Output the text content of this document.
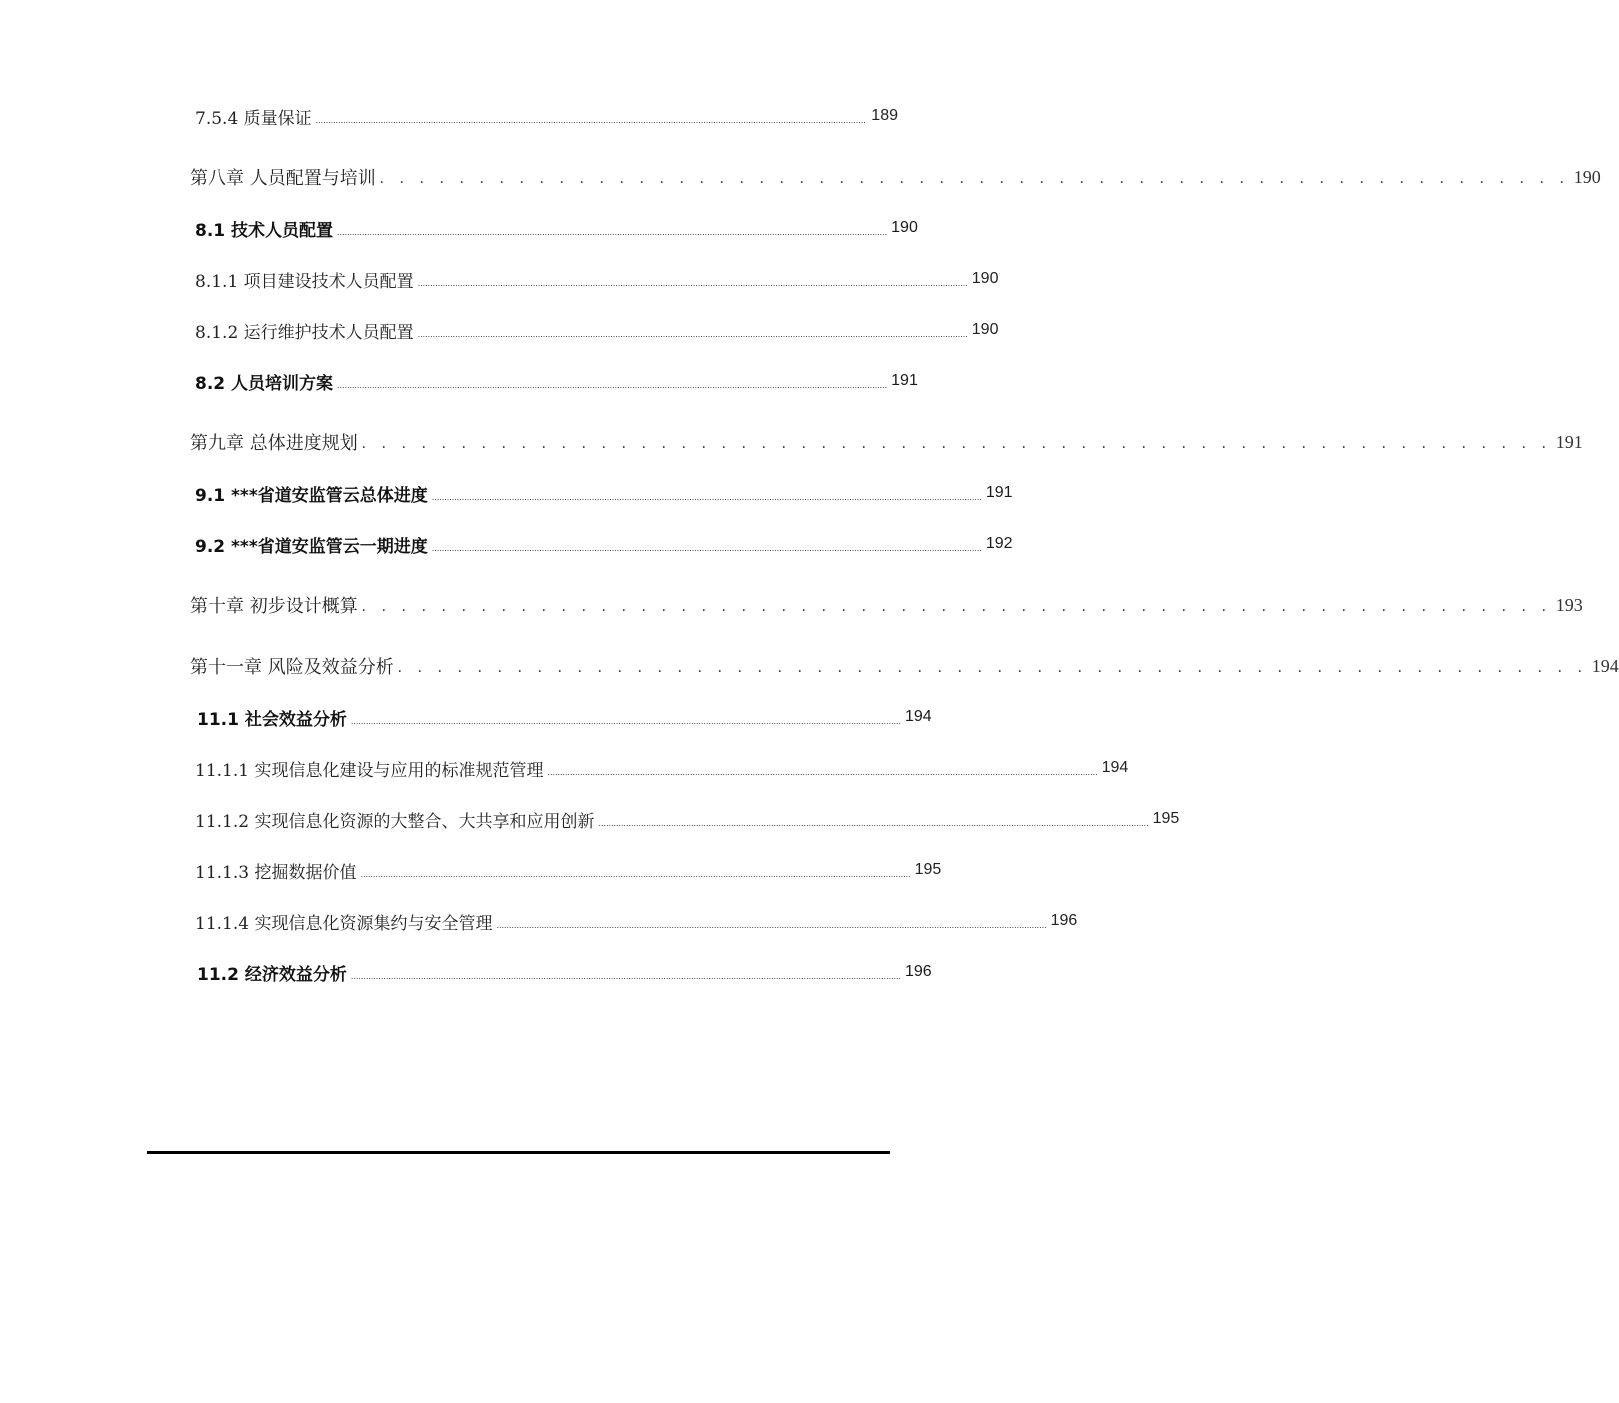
7.5.4 质量保证 ............................................................................................................................................................................................................................ 189
第八章 人员配置与培训 . . . . . . . . . . . . . . . . . . . . . . . . . . . . . . . . . . . . . . . . . . . . . . . . . . . . . . . . . . . . 190
8.1 技术人员配置 ............................................................................................................................................................................................................................ 190
8.1.1 项目建设技术人员配置 ............................................................................................................................................................................................................................ 190
8.1.2 运行维护技术人员配置 ............................................................................................................................................................................................................................ 190
8.2 人员培训方案 ............................................................................................................................................................................................................................ 191
第九章 总体进度规划 . . . . . . . . . . . . . . . . . . . . . . . . . . . . . . . . . . . . . . . . . . . . . . . . . . . . . . . . . . . . 191
9.1 ***省道安监管云总体进度 ............................................................................................................................................................................................................................ 191
9.2 ***省道安监管云一期进度 ............................................................................................................................................................................................................................ 192
第十章 初步设计概算 . . . . . . . . . . . . . . . . . . . . . . . . . . . . . . . . . . . . . . . . . . . . . . . . . . . . . . . . . . . . 193
第十一章 风险及效益分析 . . . . . . . . . . . . . . . . . . . . . . . . . . . . . . . . . . . . . . . . . . . . . . . . . . . . . . . . . . . . 194
11.1 社会效益分析 ............................................................................................................................................................................................................................ 194
11.1.1 实现信息化建设与应用的标准规范管理 ............................................................................................................................................................................................................................ 194
11.1.2 实现信息化资源的大整合、大共享和应用创新 ............................................................................................................................................................................................................................ 195
11.1.3 挖掘数据价值 ............................................................................................................................................................................................................................ 195
11.1.4 实现信息化资源集约与安全管理 ............................................................................................................................................................................................................................ 196
11.2 经济效益分析 ............................................................................................................................................................................................................................ 196
